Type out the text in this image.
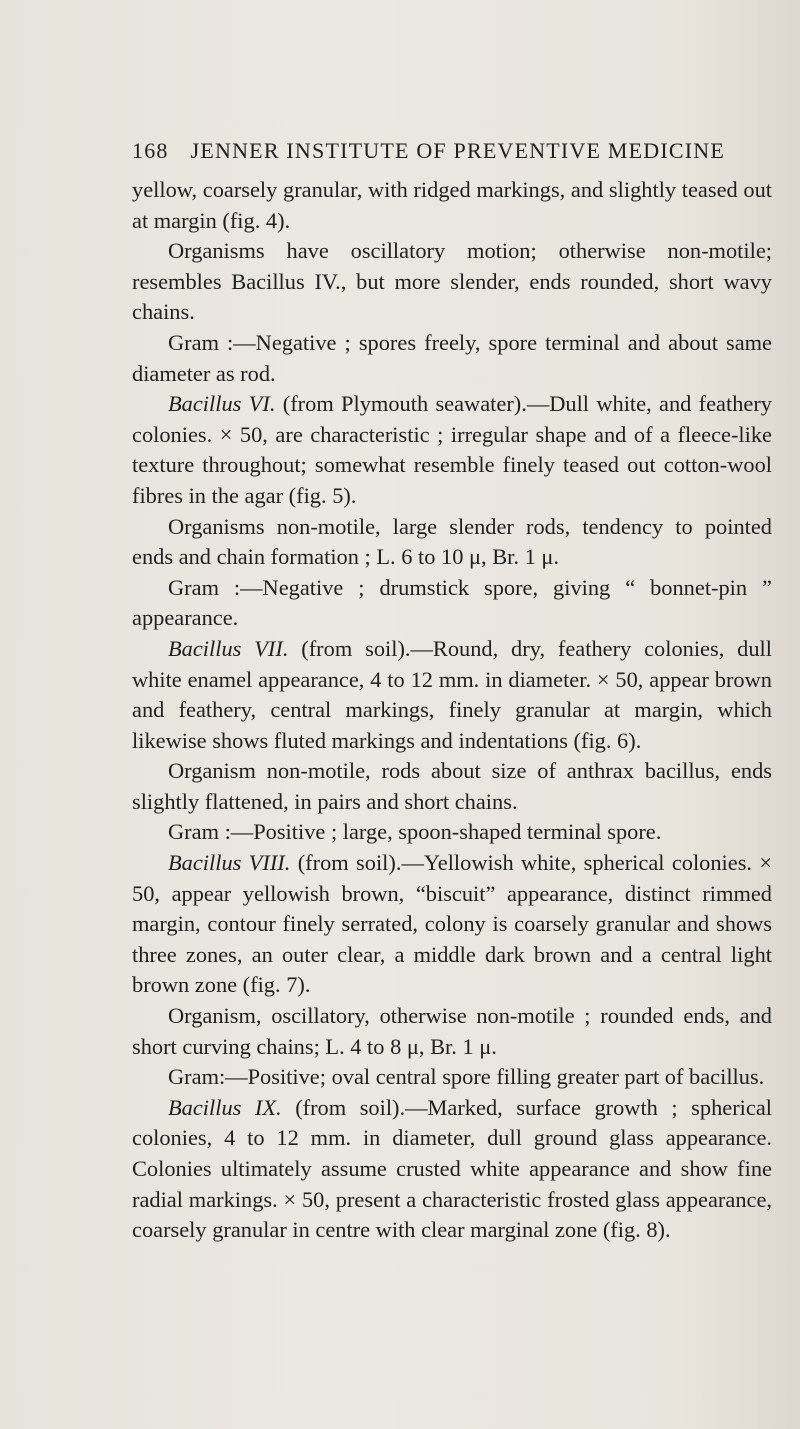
168 JENNER INSTITUTE OF PREVENTIVE MEDICINE

yellow, coarsely granular, with ridged markings, and slightly teased out at margin (fig. 4).

Organisms have oscillatory motion; otherwise non-motile; resembles Bacillus IV., but more slender, ends rounded, short wavy chains.

Gram :—Negative ; spores freely, spore terminal and about same diameter as rod.

Bacillus VI. (from Plymouth seawater).—Dull white, and feathery colonies. × 50, are characteristic ; irregular shape and of a fleece-like texture throughout; somewhat resemble finely teased out cotton-wool fibres in the agar (fig. 5).

Organisms non-motile, large slender rods, tendency to pointed ends and chain formation ; L. 6 to 10 μ, Br. 1 μ.

Gram :—Negative ; drumstick spore, giving “ bonnet-pin ” appearance.

Bacillus VII. (from soil).—Round, dry, feathery colonies, dull white enamel appearance, 4 to 12 mm. in diameter. × 50, appear brown and feathery, central markings, finely granular at margin, which likewise shows fluted markings and indentations (fig. 6).

Organism non-motile, rods about size of anthrax bacillus, ends slightly flattened, in pairs and short chains.

Gram :—Positive ; large, spoon-shaped terminal spore.

Bacillus VIII. (from soil).—Yellowish white, spherical colonies. × 50, appear yellowish brown, “biscuit” appearance, distinct rimmed margin, contour finely serrated, colony is coarsely granular and shows three zones, an outer clear, a middle dark brown and a central light brown zone (fig. 7).

Organism, oscillatory, otherwise non-motile ; rounded ends, and short curving chains; L. 4 to 8 μ, Br. 1 μ.

Gram:—Positive; oval central spore filling greater part of bacillus.

Bacillus IX. (from soil).—Marked, surface growth ; spherical colonies, 4 to 12 mm. in diameter, dull ground glass appearance. Colonies ultimately assume crusted white appearance and show fine radial markings. × 50, present a characteristic frosted glass appearance, coarsely granular in centre with clear marginal zone (fig. 8).
